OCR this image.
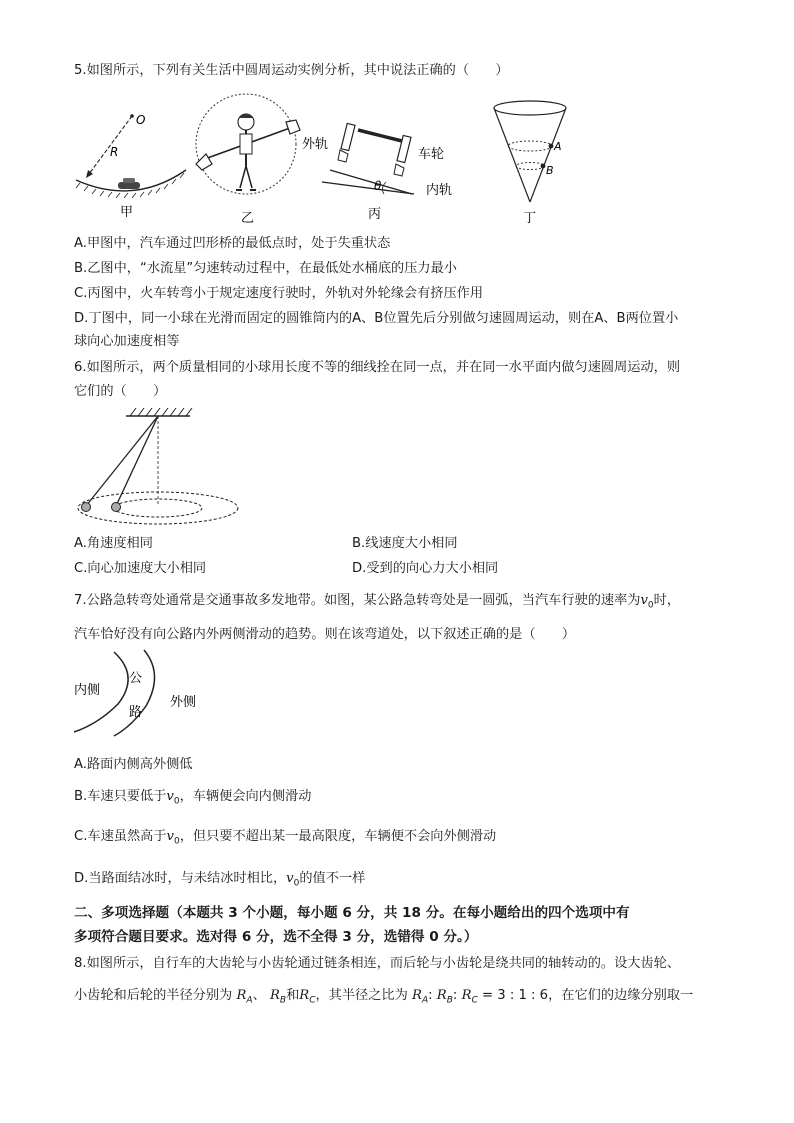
5.如图所示，下列有关生活中圆周运动实例分析，其中说法正确的（　　）
O
R
甲	乙
外轨
车轮
内轨
θ
丙
A
B
丁
A.甲图中，汽车通过凹形桥的最低点时，处于失重状态
B.乙图中，“水流星”匀速转动过程中，在最低处水桶底的压力最小
C.丙图中，火车转弯小于规定速度行驶时，外轨对外轮缘会有挤压作用
D.丁图中，同一小球在光滑而固定的圆锥筒内的A、B位置先后分别做匀速圆周运动，则在A、B两位置小
球向心加速度相等
6.如图所示，两个质量相同的小球用长度不等的细线拴在同一点，并在同一水平面内做匀速圆周运动，则
它们的（　　）
A.角速度相同	B.线速度大小相同
C.向心加速度大小相同	D.受到的向心力大小相同
7.公路急转弯处通常是交通事故多发地带。如图，某公路急转弯处是一圆弧，当汽车行驶的速率为$v_0$时，
汽车恰好没有向公路内外两侧滑动的趋势。则在该弯道处，以下叙述正确的是（　　）
内侧
公
路
外侧
A.路面内侧高外侧低
B.车速只要低于$v_0$，车辆便会向内侧滑动
C.车速虽然高于$v_0$，但只要不超出某一最高限度，车辆便不会向外侧滑动
D.当路面结冰时，与未结冰时相比，$v_0$的值不一样
二、多项选择题（本题共 3 个小题，每小题 6 分，共 18 分。在每小题给出的四个选项中有
多项符合题目要求。选对得 6 分，选不全得 3 分，选错得 0 分。）
8.如图所示，自行车的大齿轮与小齿轮通过链条相连，而后轮与小齿轮是绕共同的轴转动的。设大齿轮、
小齿轮和后轮的半径分别为 $R_A$、 $R_B$和$R_C$，其半径之比为 $R_A$: $R_B$: $R_C = 3$ : 1 : 6，在它们的边缘分别取一
